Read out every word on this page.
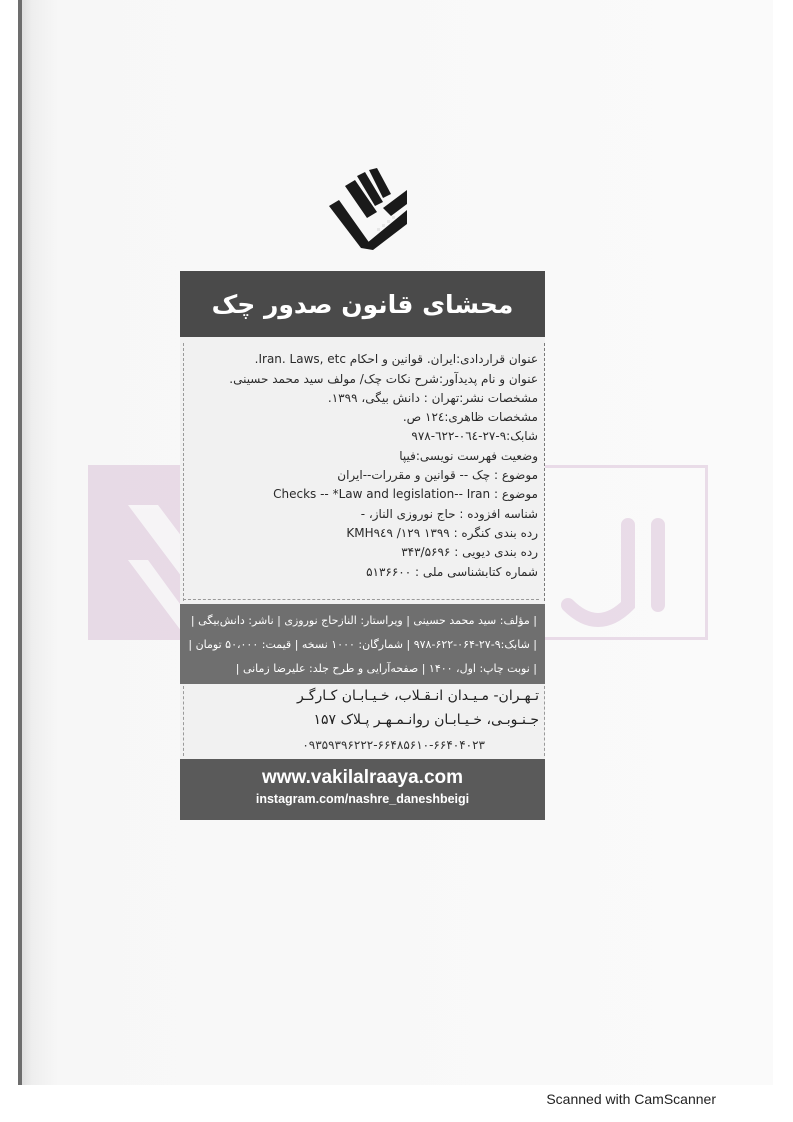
محشای قانون صدور چک
عنوان قراردادی:ایران. قوانین و احکام Iran. Laws, etc.
عنوان و نام پدیدآور:شرح نکات چک/ مولف سید محمد حسینی.
مشخصات نشر:تهران : دانش بیگی، ۱۳۹۹.
مشخصات ظاهری:۱۲٤ ص.
شابک:۹-۲۷-۰٦٤-٦۲۲-۹۷۸
وضعیت فهرست نویسی:فیپا
موضوع : چک -- قوانین و مقررات--ایران
موضوع : Checks -- *Law and legislation-- Iran
شناسه افزوده : حاج نوروزی الناز، -
رده بندی کنگره : ۱۳۹۹ ۱۲۹/ KMH۹٤۹
رده بندی دیویی : ۳۴۳/۵۶۹۶
شماره کتابشناسی ملی : ۵۱۳۶۶۰۰
| مؤلف: سید محمد حسینی | ویراستار: النازحاج نوروزی | ناشر: دانش‌بیگی |
| شابک:۹-۲۷-۰۶۴-۶۲۲-۹۷۸ | شمارگان: ۱۰۰۰ نسخه | قیمت: ۵۰،۰۰۰ تومان |
| نوبت چاپ: اول، ۱۴۰۰ | صفحه‌آرایی و طرح جلد: علیرضا زمانی |
تـهـران- مـیـدان انـقـلاب، خـیـابـان کـارگـر
جـنـوبـی، خـیـابـان روانـمـهـر پـلاک ۱۵۷
۰۹۳۵۹۳۹۶۲۲۲-۶۶۴۸۵۶۱۰-۶۶۴۰۴۰۲۳
www.vakilalraaya.com
instagram.com/nashre_daneshbeigi
Scanned with CamScanner
